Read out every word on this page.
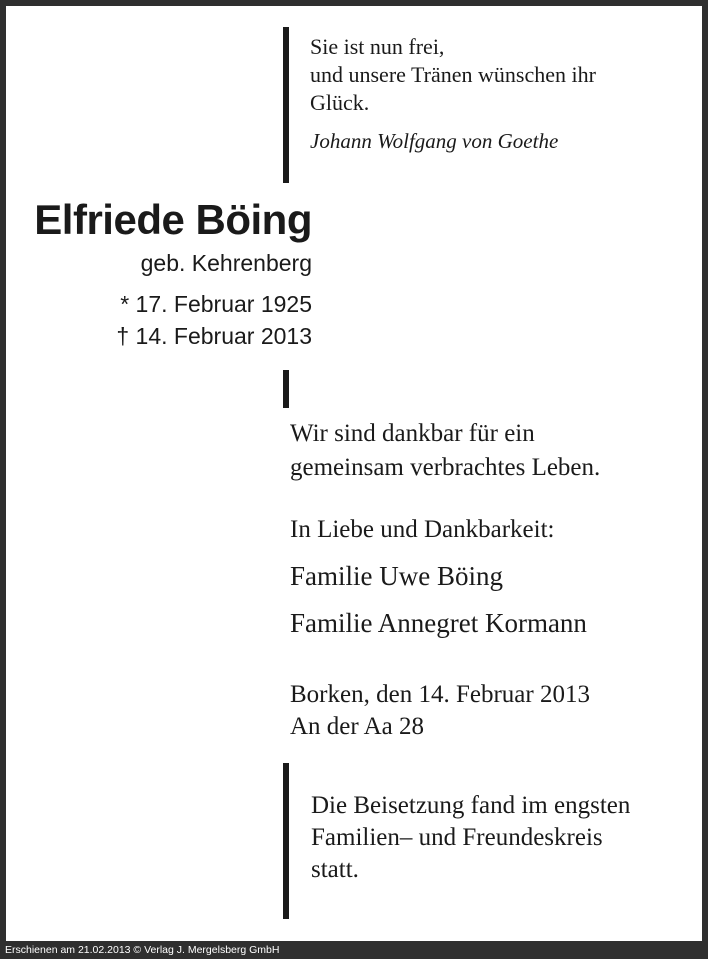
Sie ist nun frei,
und unsere Tränen wünschen ihr
Glück.
Johann Wolfgang von Goethe
Elfriede Böing
geb. Kehrenberg
* 17. Februar 1925
† 14. Februar 2013
Wir sind dankbar für ein
gemeinsam verbrachtes Leben.
In Liebe und Dankbarkeit:
Familie Uwe Böing
Familie Annegret Kormann
Borken, den 14. Februar 2013
An der Aa 28
Die Beisetzung fand im engsten
Familien– und Freundeskreis
statt.
Erschienen am 21.02.2013 © Verlag J. Mergelsberg GmbH
